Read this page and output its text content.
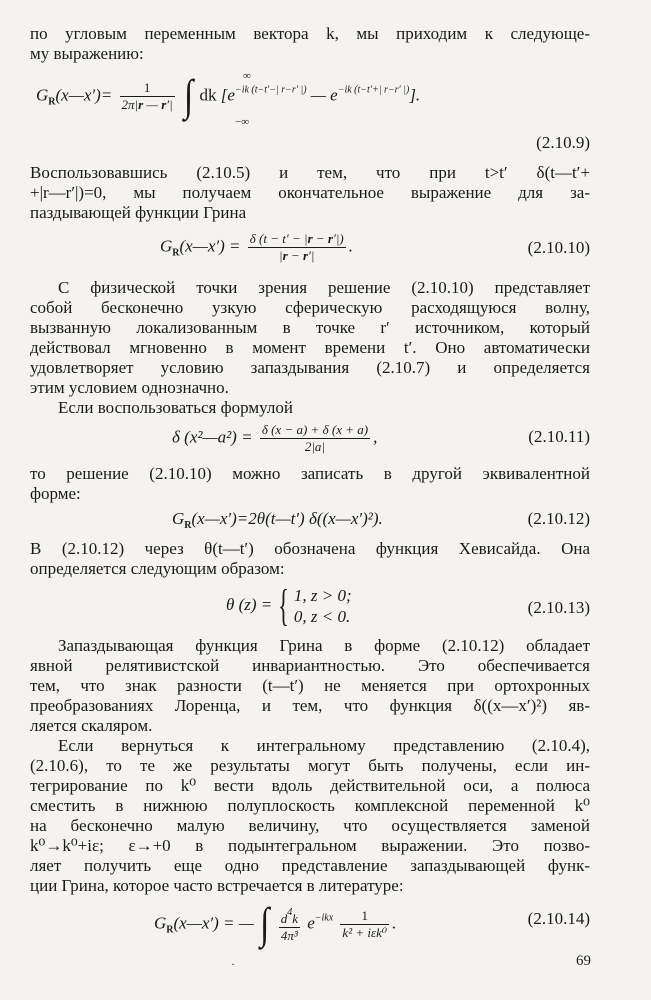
по угловым переменным вектора k, мы приходим к следующе-
му выражению:
$G_R(x—x')= \frac{1}{2\pi|r — r'|}$ ∫ dk [$e^{-ik (t-t'-| r-r' |)}$ — $e^{-ik (t-t'+| r-r' |)}$].
∞
−∞
(2.10.9)
Воспользовавшись (2.10.5) и тем, что при t>t′ δ(t—t′+
+|r—r′|)=0, мы получаем окончательное выражение для за-
паздывающей функции Грина
$G_R(x—x') = \frac{\delta (t - t' - |r - r'|)}{|r - r'|}$ .	(2.10.10)
С физической точки зрения решение (2.10.10) представляет
собой бесконечно узкую сферическую расходящуюся волну,
вызванную локализованным в точке r′ источником, который
действовал мгновенно в момент времени t′. Оно автоматически
удовлетворяет условию запаздывания (2.10.7) и определяется
этим условием однозначно.
Если воспользоваться формулой
δ (x²—a²) = $\frac{\delta (x - a) + \delta (x + a)}{2|a|}$ ,	(2.10.11)
то решение (2.10.10) можно записать в другой эквивалентной
форме:
$G_R(x—x')=2\theta(t—t')$ δ((x—x′)²).	(2.10.12)
В (2.10.12) через θ(t—t′) обозначена функция Хевисайда. Она
определяется следующим образом:
θ (z) = { 1, z > 0;
0, z < 0.	(2.10.13)
Запаздывающая функция Грина в форме (2.10.12) обладает
явной релятивистской инвариантностью. Это обеспечивается
тем, что знак разности (t—t′) не меняется при ортохронных
преобразованиях Лоренца, и тем, что функция δ((x—x′)²) яв-
ляется скаляром.
Если вернуться к интегральному представлению (2.10.4),
(2.10.6), то те же результаты могут быть получены, если ин-
тегрирование по k⁰ вести вдоль действительной оси, а полюса
сместить в нижнюю полуплоскость комплексной переменной k⁰
на бесконечно малую величину, что осуществляется заменой
k⁰→k⁰+iε; ε→+0 в подынтегральном выражении. Это позво-
ляет получить еще одно представление запаздывающей функ-
ции Грина, которое часто встречается в литературе:
$G_R(x—x')$ = — ∫ $\frac{d^4k}{\text{4π³}} e^{-ikx} \frac{1}{\text{k² + iεk⁰}}$ .	(2.10.14)
·	69
